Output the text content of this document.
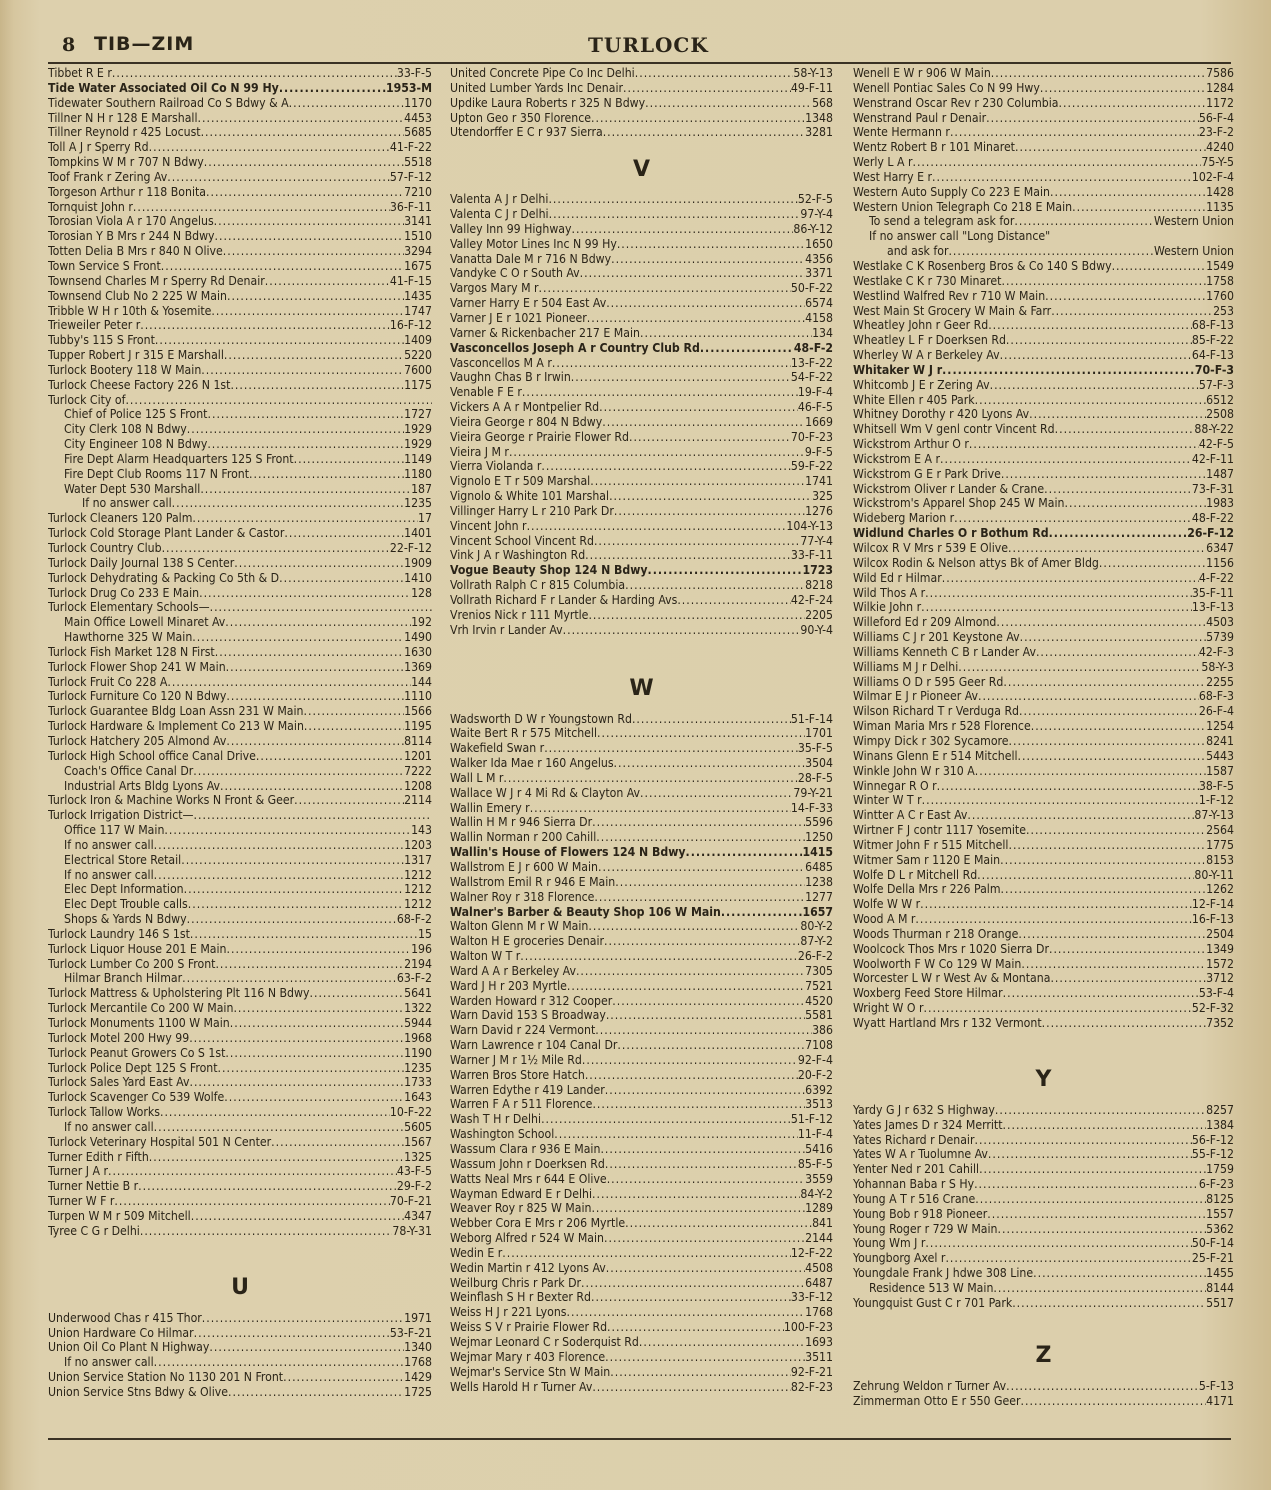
8 TIB—ZIM	TURLOCK
Tibbet R E r .....	33-F-5
Tide Water Associated Oil Co N 99 Hy .....	1953-M
Tidewater Southern Railroad Co S Bdwy & A .....	1170
Tillner N H r 128 E Marshall .....	4453
Tillner Reynold r 425 Locust .....	5685
Toll A J r Sperry Rd .....	41-F-22
Tompkins W M r 707 N Bdwy .....	5518
Toof Frank r Zering Av .....	57-F-12
Torgeson Arthur r 118 Bonita .....	7210
Tornquist John r .....	36-F-11
Torosian Viola A r 170 Angelus .....	3141
Torosian Y B Mrs r 244 N Bdwy .....	1510
Totten Delia B Mrs r 840 N Olive .....	3294
Town Service S Front .....	1675
Townsend Charles M r Sperry Rd Denair .....	41-F-15
Townsend Club No 2 225 W Main .....	1435
Tribble W H r 10th & Yosemite .....	1747
Trieweiler Peter r .....	16-F-12
Tubby's 115 S Front .....	1409
Tupper Robert J r 315 E Marshall .....	5220
Turlock Bootery 118 W Main .....	7600
Turlock Cheese Factory 226 N 1st .....	1175
Turlock City of
.....
Chief of Police 125 S Front .....	1727
City Clerk 108 N Bdwy .....	1929
City Engineer 108 N Bdwy .....	1929
Fire Dept Alarm Headquarters 125 S Front .....	1149
Fire Dept Club Rooms 117 N Front .....	1180
Water Dept 530 Marshall .....	187
If no answer call .....	1235
Turlock Cleaners 120 Palm .....	17
Turlock Cold Storage Plant Lander & Castor .....	1401
Turlock Country Club .....	22-F-12
Turlock Daily Journal 138 S Center .....	1909
Turlock Dehydrating & Packing Co 5th & D .....	1410
Turlock Drug Co 233 E Main .....	128
Turlock Elementary Schools—
.....
Main Office Lowell Minaret Av .....	192
Hawthorne 325 W Main .....	1490
Turlock Fish Market 128 N First .....	1630
Turlock Flower Shop 241 W Main .....	1369
Turlock Fruit Co 228 A .....	144
Turlock Furniture Co 120 N Bdwy .....	1110
Turlock Guarantee Bldg Loan Assn 231 W Main .....	1566
Turlock Hardware & Implement Co 213 W Main .....	1195
Turlock Hatchery 205 Almond Av .....	8114
Turlock High School office Canal Drive .....	1201
Coach's Office Canal Dr .....	7222
Industrial Arts Bldg Lyons Av .....	1208
Turlock Iron & Machine Works N Front & Geer .....	2114
Turlock Irrigation District—
.....
Office 117 W Main .....	143
If no answer call .....	1203
Electrical Store Retail .....	1317
If no answer call .....	1212
Elec Dept Information .....	1212
Elec Dept Trouble calls .....	1212
Shops & Yards N Bdwy .....	68-F-2
Turlock Laundry 146 S 1st .....	15
Turlock Liquor House 201 E Main .....	196
Turlock Lumber Co 200 S Front .....	2194
Hilmar Branch Hilmar .....	63-F-2
Turlock Mattress & Upholstering Plt 116 N Bdwy .....	5641
Turlock Mercantile Co 200 W Main .....	1322
Turlock Monuments 1100 W Main .....	5944
Turlock Motel 200 Hwy 99 .....	1968
Turlock Peanut Growers Co S 1st .....	1190
Turlock Police Dept 125 S Front .....	1235
Turlock Sales Yard East Av .....	1733
Turlock Scavenger Co 539 Wolfe .....	1643
Turlock Tallow Works .....	10-F-22
If no answer call .....	5605
Turlock Veterinary Hospital 501 N Center .....	1567
Turner Edith r Fifth .....	1325
Turner J A r .....	43-F-5
Turner Nettie B r .....	29-F-2
Turner W F r .....	70-F-21
Turpen W M r 509 Mitchell .....	4347
Tyree C G r Delhi .....	78-Y-31
U
Underwood Chas r 415 Thor .....	1971
Union Hardware Co Hilmar .....	53-F-21
Union Oil Co Plant N Highway .....	1340
If no answer call .....	1768
Union Service Station No 1130 201 N Front .....	1429
Union Service Stns Bdwy & Olive .....	1725
United Concrete Pipe Co Inc Delhi .....	58-Y-13
United Lumber Yards Inc Denair .....	49-F-11
Updike Laura Roberts r 325 N Bdwy .....	568
Upton Geo r 350 Florence .....	1348
Utendorffer E C r 937 Sierra .....	3281
V
Valenta A J r Delhi .....	52-F-5
Valenta C J r Delhi .....	97-Y-4
Valley Inn 99 Highway .....	86-Y-12
Valley Motor Lines Inc N 99 Hy .....	1650
Vanatta Dale M r 716 N Bdwy .....	4356
Vandyke C O r South Av .....	3371
Vargos Mary M r .....	50-F-22
Varner Harry E r 504 East Av .....	6574
Varner J E r 1021 Pioneer .....	4158
Varner & Rickenbacher 217 E Main .....	134
Vasconcellos Joseph A r Country Club Rd .....	48-F-2
Vasconcellos M A r .....	13-F-22
Vaughn Chas B r Irwin .....	54-F-22
Venable F E r .....	19-F-4
Vickers A A r Montpelier Rd .....	46-F-5
Vieira George r 804 N Bdwy .....	1669
Vieira George r Prairie Flower Rd .....	70-F-23
Vieira J M r .....	9-F-5
Vierra Violanda r .....	59-F-22
Vignolo E T r 509 Marshal .....	1741
Vignolo & White 101 Marshal .....	325
Villinger Harry L r 210 Park Dr .....	1276
Vincent John r .....	104-Y-13
Vincent School Vincent Rd .....	77-Y-4
Vink J A r Washington Rd .....	33-F-11
Vogue Beauty Shop 124 N Bdwy .....	1723
Vollrath Ralph C r 815 Columbia .....	8218
Vollrath Richard F r Lander & Harding Avs .....	42-F-24
Vrenios Nick r 111 Myrtle .....	2205
Vrh Irvin r Lander Av .....	90-Y-4
W
Wadsworth D W r Youngstown Rd .....	51-F-14
Waite Bert R r 575 Mitchell .....	1701
Wakefield Swan r .....	35-F-5
Walker Ida Mae r 160 Angelus .....	3504
Wall L M r .....	28-F-5
Wallace W J r 4 Mi Rd & Clayton Av .....	79-Y-21
Wallin Emery r .....	14-F-33
Wallin H M r 946 Sierra Dr .....	5596
Wallin Norman r 200 Cahill .....	1250
Wallin's House of Flowers 124 N Bdwy .....	1415
Wallstrom E J r 600 W Main .....	6485
Wallstrom Emil R r 946 E Main .....	1238
Walner Roy r 318 Florence .....	1277
Walner's Barber & Beauty Shop 106 W Main .....	1657
Walton Glenn M r W Main .....	80-Y-2
Walton H E groceries Denair .....	87-Y-2
Walton W T r .....	26-F-2
Ward A A r Berkeley Av .....	7305
Ward J H r 203 Myrtle .....	7521
Warden Howard r 312 Cooper .....	4520
Warn David 153 S Broadway .....	5581
Warn David r 224 Vermont .....	386
Warn Lawrence r 104 Canal Dr .....	7108
Warner J M r 1½ Mile Rd .....	92-F-4
Warren Bros Store Hatch .....	20-F-2
Warren Edythe r 419 Lander .....	6392
Warren F A r 511 Florence .....	3513
Wash T H r Delhi .....	51-F-12
Washington School .....	11-F-4
Wassum Clara r 936 E Main .....	5416
Wassum John r Doerksen Rd .....	85-F-5
Watts Neal Mrs r 644 E Olive .....	3559
Wayman Edward E r Delhi .....	84-Y-2
Weaver Roy r 825 W Main .....	1289
Webber Cora E Mrs r 206 Myrtle .....	841
Weborg Alfred r 524 W Main .....	2144
Wedin E r .....	12-F-22
Wedin Martin r 412 Lyons Av .....	4508
Weilburg Chris r Park Dr .....	6487
Weinflash S H r Bexter Rd .....	33-F-12
Weiss H J r 221 Lyons .....	1768
Weiss S V r Prairie Flower Rd .....	100-F-23
Wejmar Leonard C r Soderquist Rd .....	1693
Wejmar Mary r 403 Florence .....	3511
Wejmar's Service Stn W Main .....	92-F-21
Wells Harold H r Turner Av .....	82-F-23
Wenell E W r 906 W Main .....	7586
Wenell Pontiac Sales Co N 99 Hwy .....	1284
Wenstrand Oscar Rev r 230 Columbia .....	1172
Wenstrand Paul r Denair .....	56-F-4
Wente Hermann r .....	23-F-2
Wentz Robert B r 101 Minaret .....	4240
Werly L A r .....	75-Y-5
West Harry E r .....	102-F-4
Western Auto Supply Co 223 E Main .....	1428
Western Union Telegraph Co 218 E Main .....	1135
To send a telegram ask for .....	Western Union
If no answer call "Long Distance"
and ask for .....	Western Union
Westlake C K Rosenberg Bros & Co 140 S Bdwy .....	1549
Westlake C K r 730 Minaret .....	1758
Westlind Walfred Rev r 710 W Main .....	1760
West Main St Grocery W Main & Farr .....	253
Wheatley John r Geer Rd .....	68-F-13
Wheatley L F r Doerksen Rd .....	85-F-22
Wherley W A r Berkeley Av .....	64-F-13
Whitaker W J r .....	70-F-3
Whitcomb J E r Zering Av .....	57-F-3
White Ellen r 405 Park .....	6512
Whitney Dorothy r 420 Lyons Av .....	2508
Whitsell Wm V genl contr Vincent Rd .....	88-Y-22
Wickstrom Arthur O r .....	42-F-5
Wickstrom E A r .....	42-F-11
Wickstrom G E r Park Drive .....	1487
Wickstrom Oliver r Lander & Crane .....	73-F-31
Wickstrom's Apparel Shop 245 W Main .....	1983
Wideberg Marion r .....	48-F-22
Widlund Charles O r Bothum Rd .....	26-F-12
Wilcox R V Mrs r 539 E Olive .....	6347
Wilcox Rodin & Nelson attys Bk of Amer Bldg .....	1156
Wild Ed r Hilmar .....	4-F-22
Wild Thos A r .....	35-F-11
Wilkie John r .....	13-F-13
Willeford Ed r 209 Almond .....	4503
Williams C J r 201 Keystone Av .....	5739
Williams Kenneth C B r Lander Av .....	42-F-3
Williams M J r Delhi .....	58-Y-3
Williams O D r 595 Geer Rd .....	2255
Wilmar E J r Pioneer Av .....	68-F-3
Wilson Richard T r Verduga Rd .....	26-F-4
Wiman Maria Mrs r 528 Florence .....	1254
Wimpy Dick r 302 Sycamore .....	8241
Winans Glenn E r 514 Mitchell .....	5443
Winkle John W r 310 A .....	1587
Winnegar R O r .....	38-F-5
Winter W T r .....	1-F-12
Wintter A C r East Av .....	87-Y-13
Wirtner F J contr 1117 Yosemite .....	2564
Witmer John F r 515 Mitchell .....	1775
Witmer Sam r 1120 E Main .....	8153
Wolfe D L r Mitchell Rd .....	80-Y-11
Wolfe Della Mrs r 226 Palm .....	1262
Wolfe W W r .....	12-F-14
Wood A M r .....	16-F-13
Woods Thurman r 218 Orange .....	2504
Woolcock Thos Mrs r 1020 Sierra Dr .....	1349
Woolworth F W Co 129 W Main .....	1572
Worcester L W r West Av & Montana .....	3712
Woxberg Feed Store Hilmar .....	53-F-4
Wright W O r .....	52-F-32
Wyatt Hartland Mrs r 132 Vermont .....	7352
Y
Yardy G J r 632 S Highway .....	8257
Yates James D r 324 Merritt .....	1384
Yates Richard r Denair .....	56-F-12
Yates W A r Tuolumne Av .....	55-F-12
Yenter Ned r 201 Cahill .....	1759
Yohannan Baba r S Hy .....	6-F-23
Young A T r 516 Crane .....	8125
Young Bob r 918 Pioneer .....	1557
Young Roger r 729 W Main .....	5362
Young Wm J r .....	50-F-14
Youngborg Axel r .....	25-F-21
Youngdale Frank J hdwe 308 Line .....	1455
Residence 513 W Main .....	8144
Youngquist Gust C r 701 Park .....	5517
Z
Zehrung Weldon r Turner Av .....	5-F-13
Zimmerman Otto E r 550 Geer .....	4171
